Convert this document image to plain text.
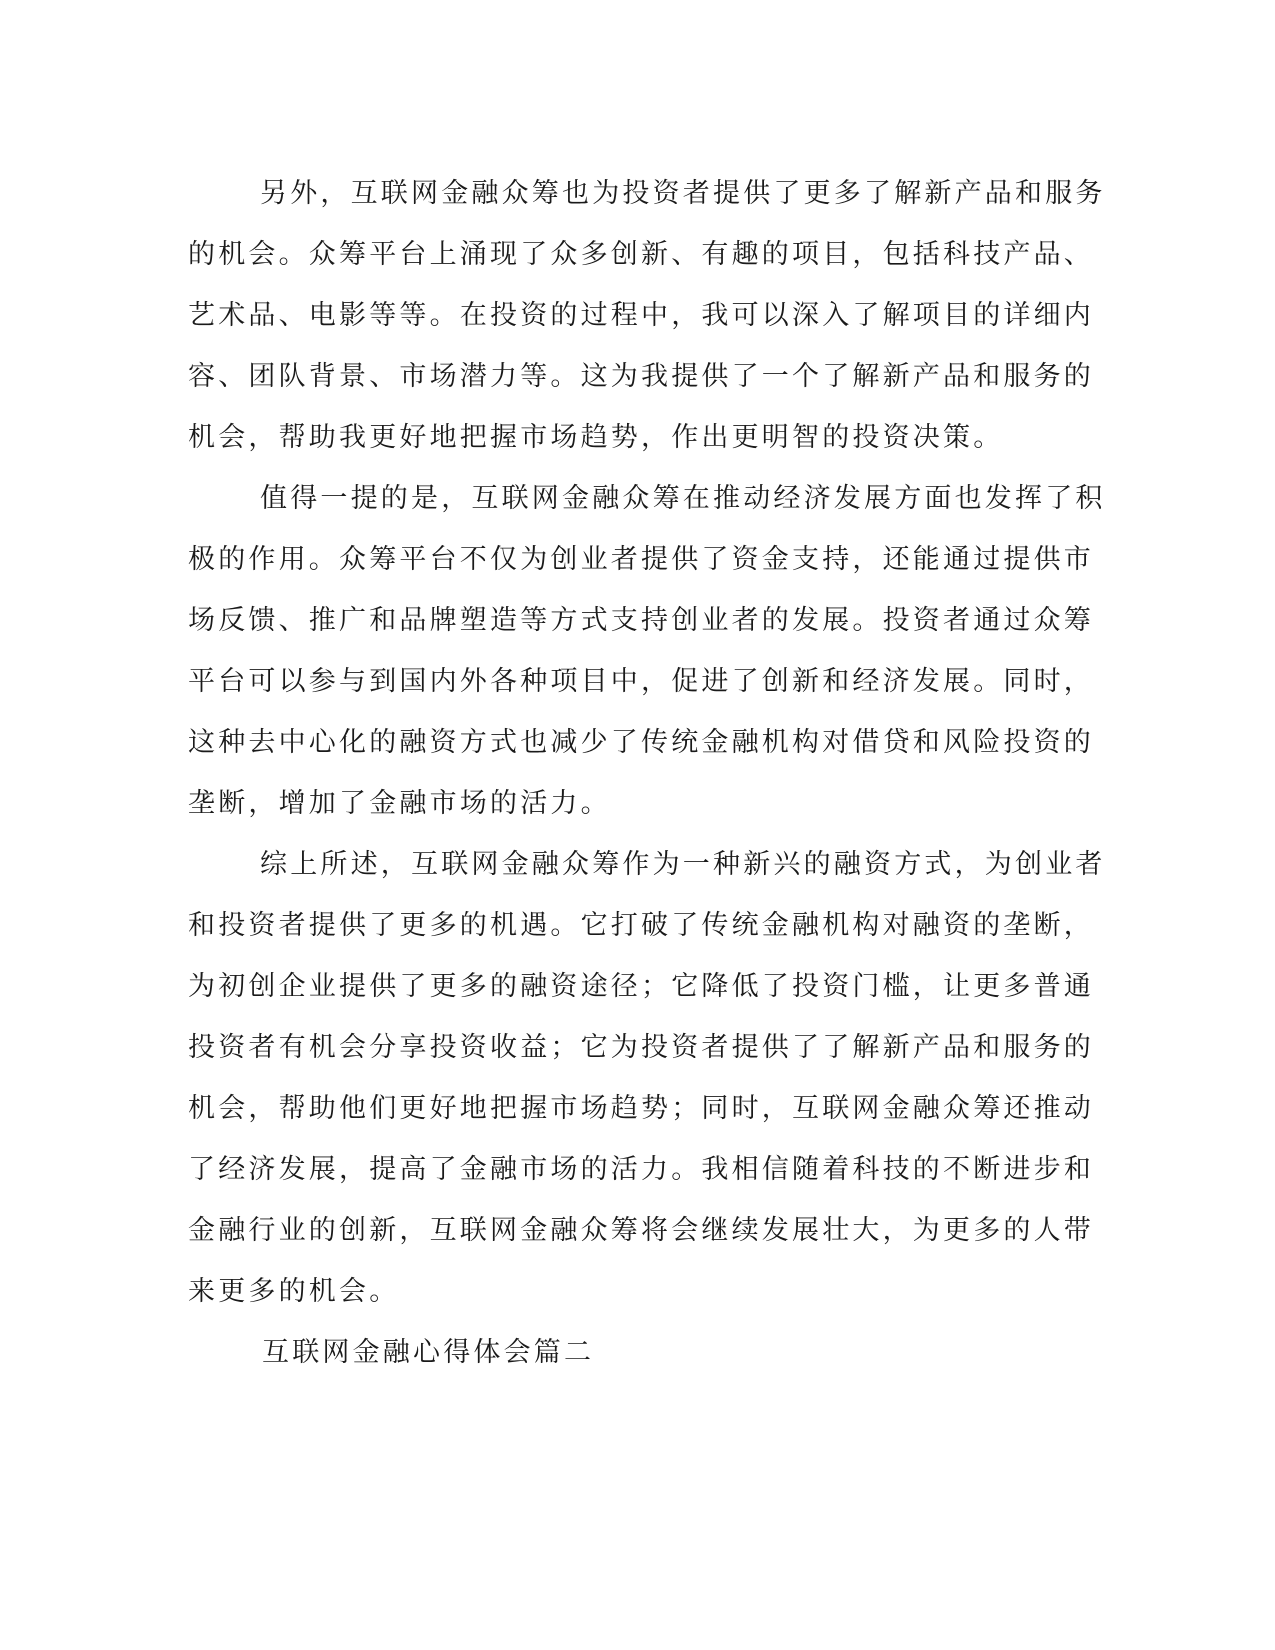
另外，互联网金融众筹也为投资者提供了更多了解新产品和服务
的机会。众筹平台上涌现了众多创新、有趣的项目，包括科技产品、
艺术品、电影等等。在投资的过程中，我可以深入了解项目的详细内
容、团队背景、市场潜力等。这为我提供了一个了解新产品和服务的
机会，帮助我更好地把握市场趋势，作出更明智的投资决策。
值得一提的是，互联网金融众筹在推动经济发展方面也发挥了积
极的作用。众筹平台不仅为创业者提供了资金支持，还能通过提供市
场反馈、推广和品牌塑造等方式支持创业者的发展。投资者通过众筹
平台可以参与到国内外各种项目中，促进了创新和经济发展。同时，
这种去中心化的融资方式也减少了传统金融机构对借贷和风险投资的
垄断，增加了金融市场的活力。
综上所述，互联网金融众筹作为一种新兴的融资方式，为创业者
和投资者提供了更多的机遇。它打破了传统金融机构对融资的垄断，
为初创企业提供了更多的融资途径；它降低了投资门槛，让更多普通
投资者有机会分享投资收益；它为投资者提供了了解新产品和服务的
机会，帮助他们更好地把握市场趋势；同时，互联网金融众筹还推动
了经济发展，提高了金融市场的活力。我相信随着科技的不断进步和
金融行业的创新，互联网金融众筹将会继续发展壮大，为更多的人带
来更多的机会。
互联网金融心得体会篇二
